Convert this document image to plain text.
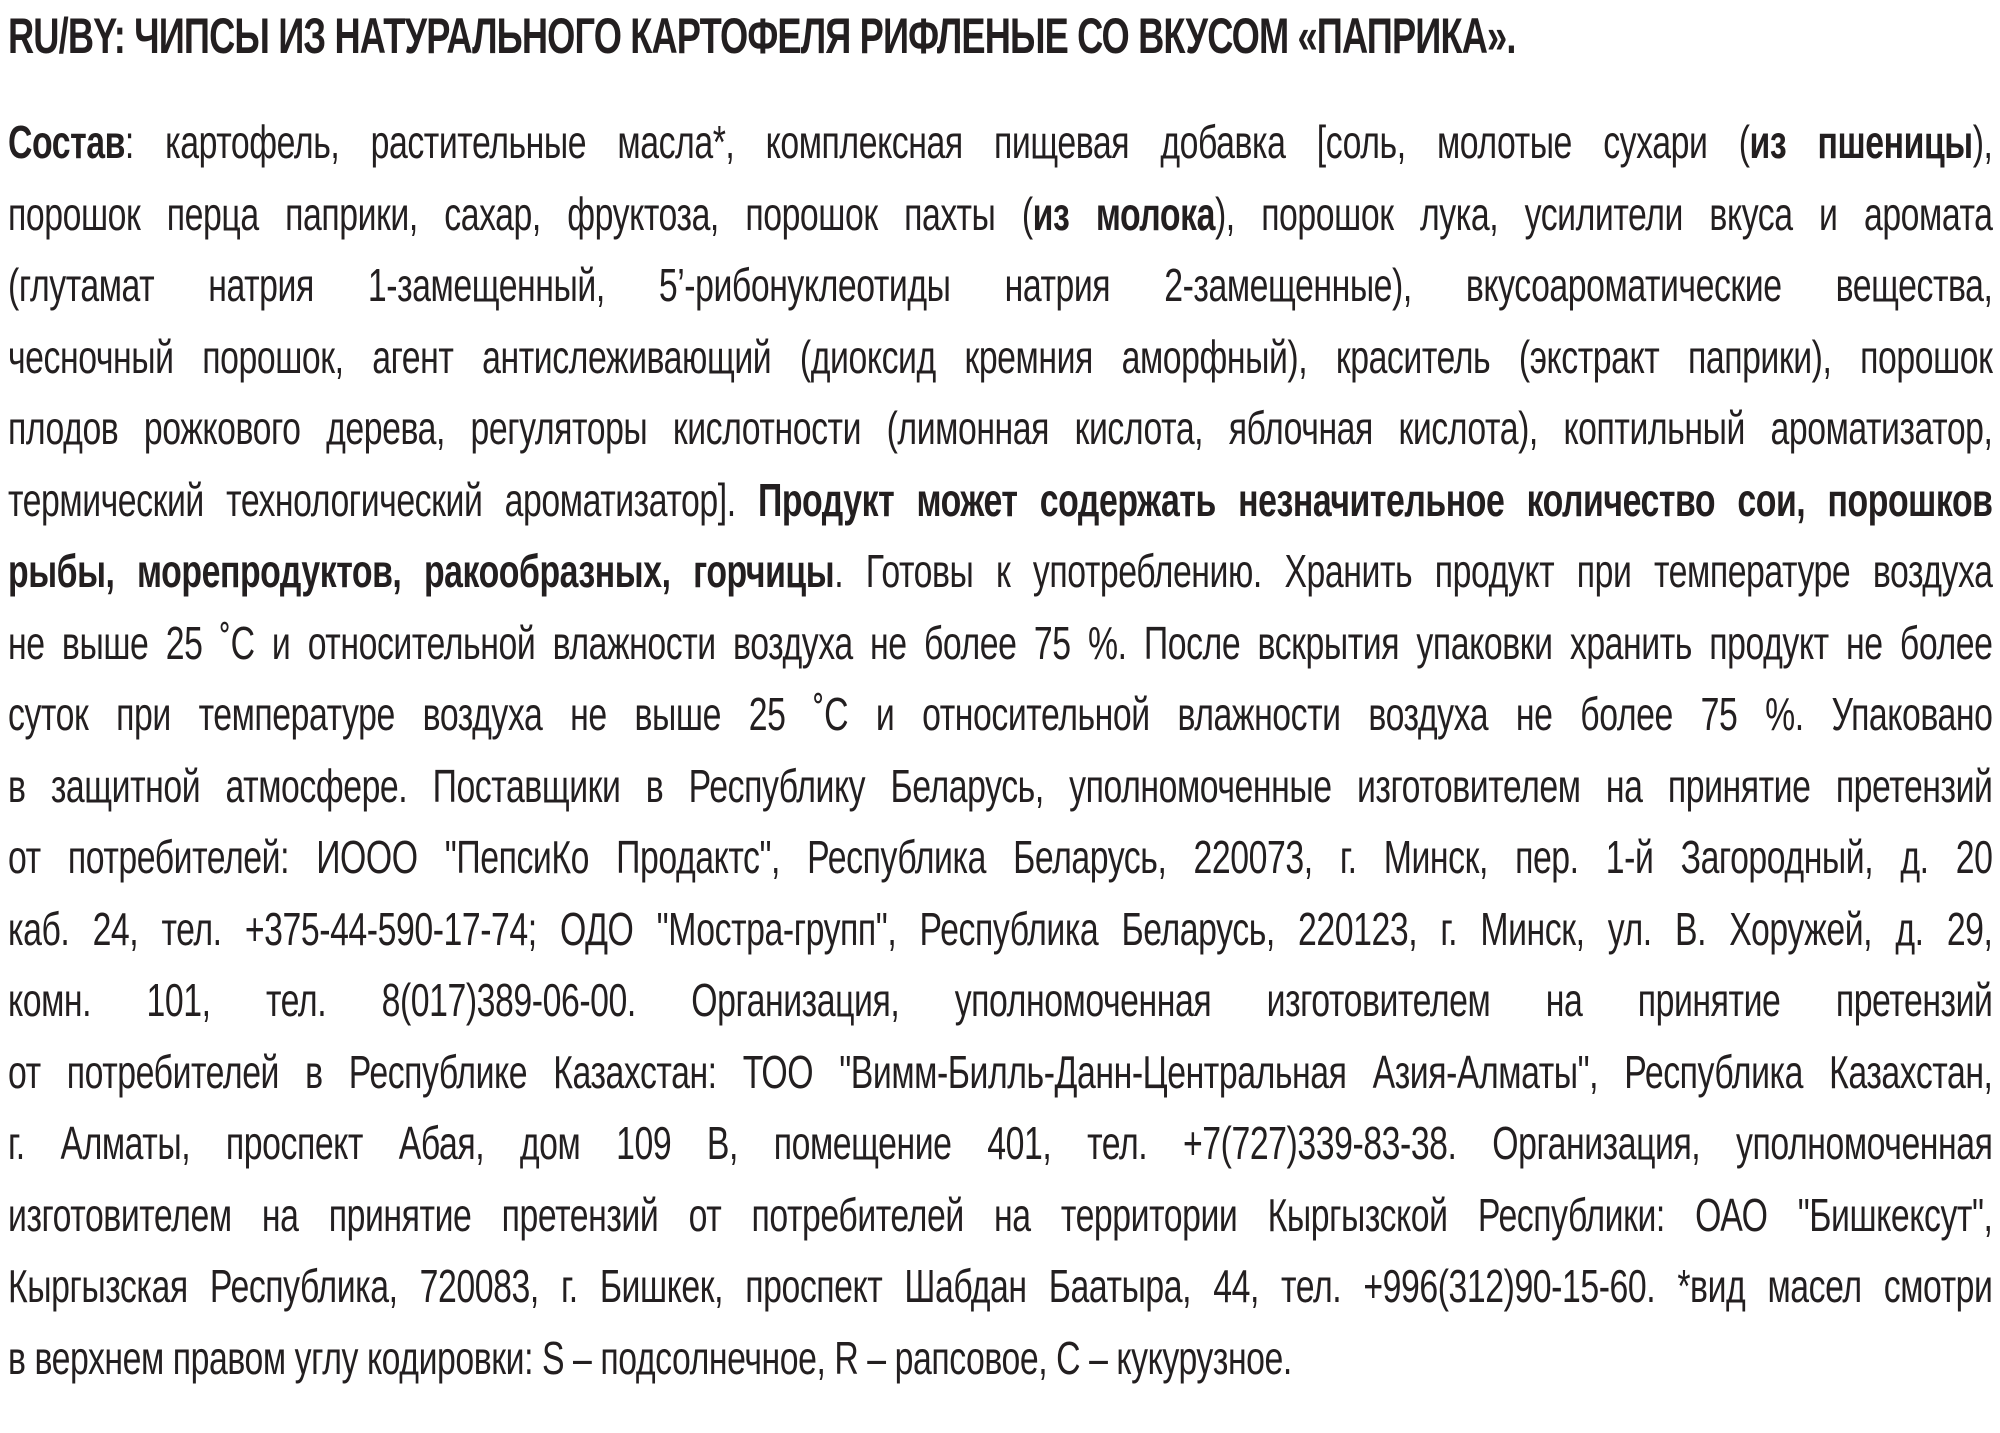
RU/BY: ЧИПСЫ ИЗ НАТУРАЛЬНОГО КАРТОФЕЛЯ РИФЛЕНЫЕ СО ВКУСОМ «ПАПРИКА».
Состав: картофель, растительные масла*, комплексная пищевая добавка [соль, молотые сухари (из пшеницы),
порошок перца паприки, сахар, фруктоза, порошок пахты (из молока), порошок лука, усилители вкуса и аромата
(глутамат натрия 1-замещенный, 5’-рибонуклеотиды натрия 2-замещенные), вкусоароматические вещества,
чесночный порошок, агент антислеживающий (диоксид кремния аморфный), краситель (экстракт паприки), порошок
плодов рожкового дерева, регуляторы кислотности (лимонная кислота, яблочная кислота), коптильный ароматизатор,
термический технологический ароматизатор]. Продукт может содержать незначительное количество сои, порошков
рыбы, морепродуктов, ракообразных, горчицы. Готовы к употреблению. Хранить продукт при температуре воздуха
не выше 25 ˚С и относительной влажности воздуха не более 75 %. После вскрытия упаковки хранить продукт не более
суток при температуре воздуха не выше 25 ˚С и относительной влажности воздуха не более 75 %. Упаковано
в защитной атмосфере. Поставщики в Республику Беларусь, уполномоченные изготовителем на принятие претензий
от потребителей: ИООО "ПепсиКо Продактс", Республика Беларусь, 220073, г. Минск, пер. 1-й Загородный, д. 20
каб. 24, тел. +375-44-590-17-74; ОДО "Мостра-групп", Республика Беларусь, 220123, г. Минск, ул. В. Хоружей, д. 29,
комн. 101, тел. 8(017)389-06-00. Организация, уполномоченная изготовителем на принятие претензий
от потребителей в Республике Казахстан: ТОО "Вимм-Билль-Данн-Центральная Азия-Алматы", Республика Казахстан,
г. Алматы, проспект Абая, дом 109 В, помещение 401, тел. +7(727)339-83-38. Организация, уполномоченная
изготовителем на принятие претензий от потребителей на территории Кыргызской Республики: ОАО "Бишкексут",
Кыргызская Республика, 720083, г. Бишкек, проспект Шабдан Баатыра, 44, тел. +996(312)90-15-60. *вид масел смотри
в верхнем правом углу кодировки: S – подсолнечное, R – рапсовое, C – кукурузное.
